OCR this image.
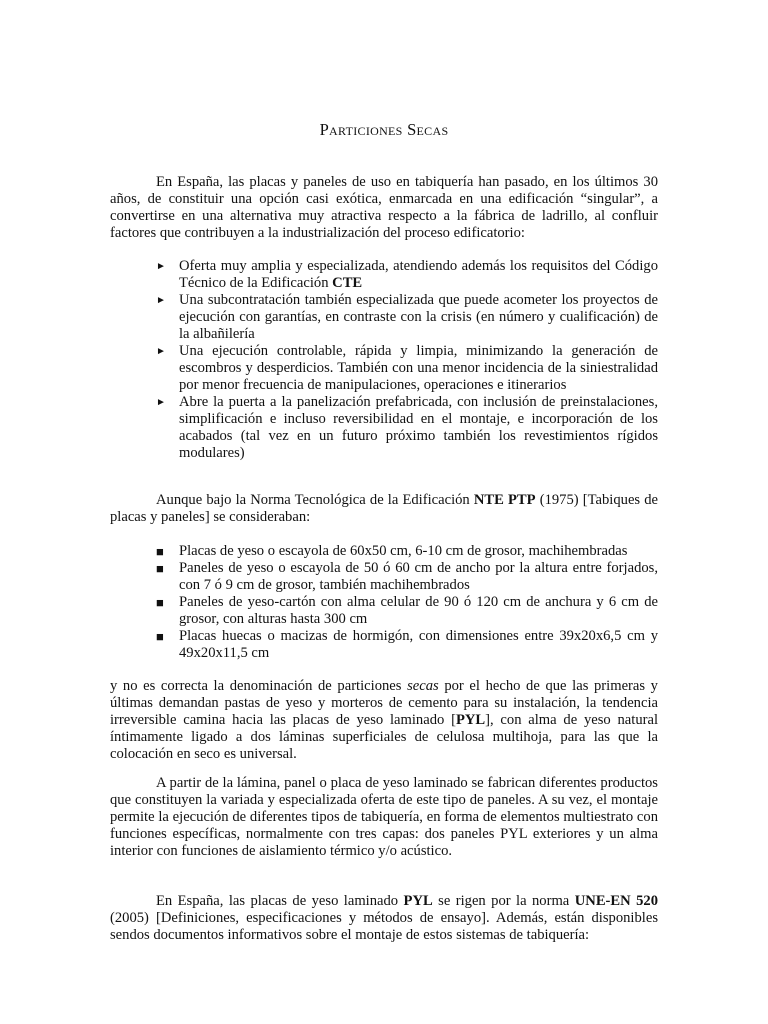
Particiones Secas

En España, las placas y paneles de uso en tabiquería han pasado, en los últimos 30 años, de constituir una opción casi exótica, enmarcada en una edificación “singular”, a convertirse en una alternativa muy atractiva respecto a la fábrica de ladrillo, al confluir factores que contribuyen a la industrialización del proceso edificatorio:

► Oferta muy amplia y especializada, atendiendo además los requisitos del Código Técnico de la Edificación CTE
► Una subcontratación también especializada que puede acometer los proyectos de ejecución con garantías, en contraste con la crisis (en número y cualificación) de la albañilería
► Una ejecución controlable, rápida y limpia, minimizando la generación de escombros y desperdicios. También con una menor incidencia de la siniestralidad por menor frecuencia de manipulaciones, operaciones e itinerarios
► Abre la puerta a la panelización prefabricada, con inclusión de preinstalaciones, simplificación e incluso reversibilidad en el montaje, e incorporación de los acabados (tal vez en un futuro próximo también los revestimientos rígidos modulares)

Aunque bajo la Norma Tecnológica de la Edificación NTE PTP (1975) [Tabiques de placas y paneles] se consideraban:

■ Placas de yeso o escayola de 60x50 cm, 6-10 cm de grosor, machihembradas
■ Paneles de yeso o escayola de 50 ó 60 cm de ancho por la altura entre forjados, con 7 ó 9 cm de grosor, también machihembrados
■ Paneles de yeso-cartón con alma celular de 90 ó 120 cm de anchura y 6 cm de grosor, con alturas hasta 300 cm
■ Placas huecas o macizas de hormigón, con dimensiones entre 39x20x6,5 cm y 49x20x11,5 cm

y no es correcta la denominación de particiones secas por el hecho de que las primeras y últimas demandan pastas de yeso y morteros de cemento para su instalación, la tendencia irreversible camina hacia las placas de yeso laminado [PYL], con alma de yeso natural íntimamente ligado a dos láminas superficiales de celulosa multihoja, para las que la colocación en seco es universal.

A partir de la lámina, panel o placa de yeso laminado se fabrican diferentes productos que constituyen la variada y especializada oferta de este tipo de paneles. A su vez, el montaje permite la ejecución de diferentes tipos de tabiquería, en forma de elementos multiestrato con funciones específicas, normalmente con tres capas: dos paneles PYL exteriores y un alma interior con funciones de aislamiento térmico y/o acústico.

En España, las placas de yeso laminado PYL se rigen por la norma UNE-EN 520 (2005) [Definiciones, especificaciones y métodos de ensayo]. Además, están disponibles sendos documentos informativos sobre el montaje de estos sistemas de tabiquería:
